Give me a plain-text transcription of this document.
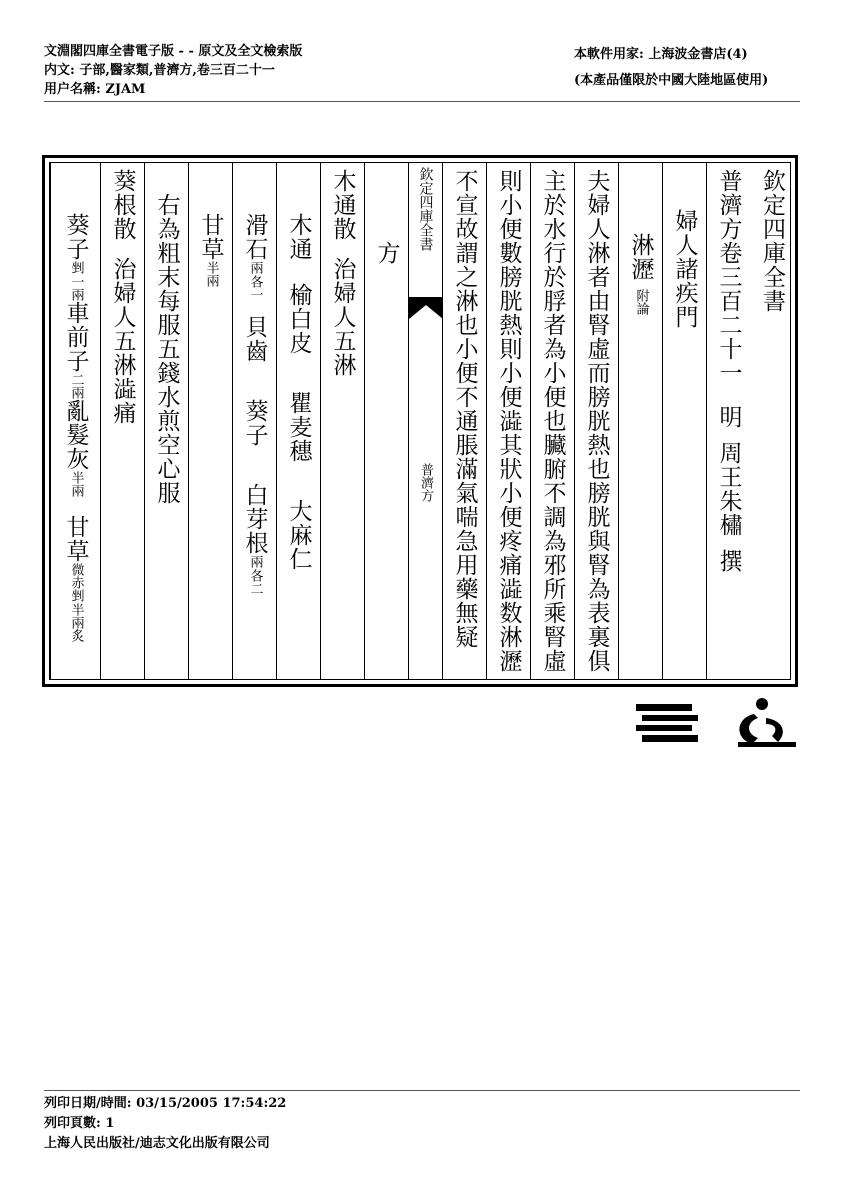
文淵閣四庫全書電子版 - - 原文及全文檢索版
内文: 子部,醫家類,普濟方,卷三百二十一
用户名稱: ZJAM
本軟件用家: 上海波金書店(4)
(本產品僅限於中國大陸地區使用)
欽定四庫全書
普濟方卷三百二十一明周王朱橚撰
婦人諸疾門
淋瀝附論
夫婦人淋者由腎虛而膀胱熱也膀胱與腎為表裏俱
主於水行於脬者為小便也臟腑不調為邪所乘腎虛
則小便數膀胱熱則小便澁其狀小便疼痛澁数淋瀝
不宣故謂之淋也小便不通脹滿氣喘急用藥無疑
欽定四庫全書
普濟方
方
木通散治婦人五淋
木通榆白皮瞿麦穗大麻仁
滑石
各一
兩
貝齒葵子白芽根
各二
兩
甘草半兩
右為粗末每服五錢水煎空心服
葵根散治婦人五淋澁痛
葵子
一兩
剉
車前子二兩亂髮灰半兩甘草
半兩炙
微赤剉
列印日期/時間: 03/15/2005 17:54:22
列印頁數: 1
上海人民出版社/迪志文化出版有限公司
